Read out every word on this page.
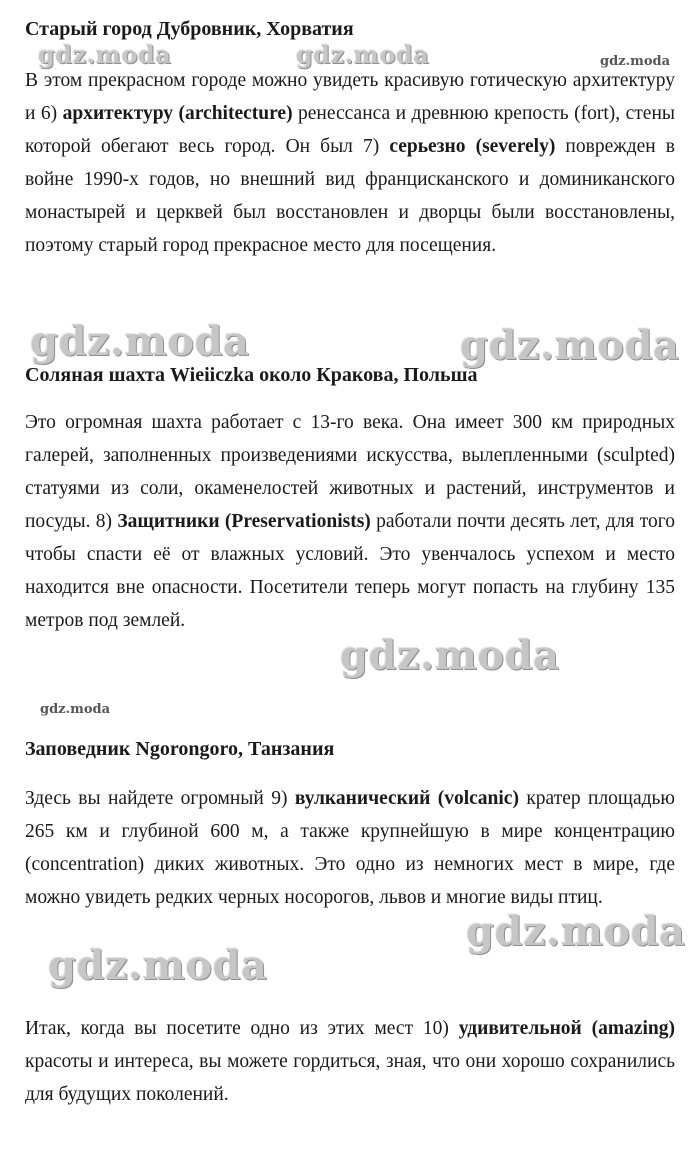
Старый город Дубровник, Хорватия

В этом прекрасном городе можно увидеть красивую готическую архитектуру и 6) архитектуру (architecture) ренессанса и древнюю крепость (fort), стены которой обегают весь город. Он был 7) серьезно (severely) поврежден в войне 1990-х годов, но внешний вид францисканского и доминиканского монастырей и церквей был восстановлен и дворцы были восстановлены, поэтому старый город прекрасное место для посещения.

Соляная шахта Wieiiczka около Кракова, Польша

Это огромная шахта работает с 13-го века. Она имеет 300 км природных галерей, заполненных произведениями искусства, вылепленными (sculpted) статуями из соли, окаменелостей животных и растений, инструментов и посуды. 8) Защитники (Preservationists) работали почти десять лет, для того чтобы спасти её от влажных условий. Это увенчалось успехом и место находится вне опасности. Посетители теперь могут попасть на глубину 135 метров под землей.

Заповедник Ngorongoro, Танзания

Здесь вы найдете огромный 9) вулканический (volcanic) кратер площадью 265 км и глубиной 600 м, а также крупнейшую в мире концентрацию (concentration) диких животных. Это одно из немногих мест в мире, где можно увидеть редких черных носорогов, львов и многие виды птиц.

Итак, когда вы посетите одно из этих мест 10) удивительной (amazing) красоты и интереса, вы можете гордиться, зная, что они хорошо сохранились для будущих поколений.

gdz.moda	gdz.moda	gdz.moda
gdz.moda	gdz.moda
gdz.moda
gdz.moda
gdz.moda
gdz.moda
